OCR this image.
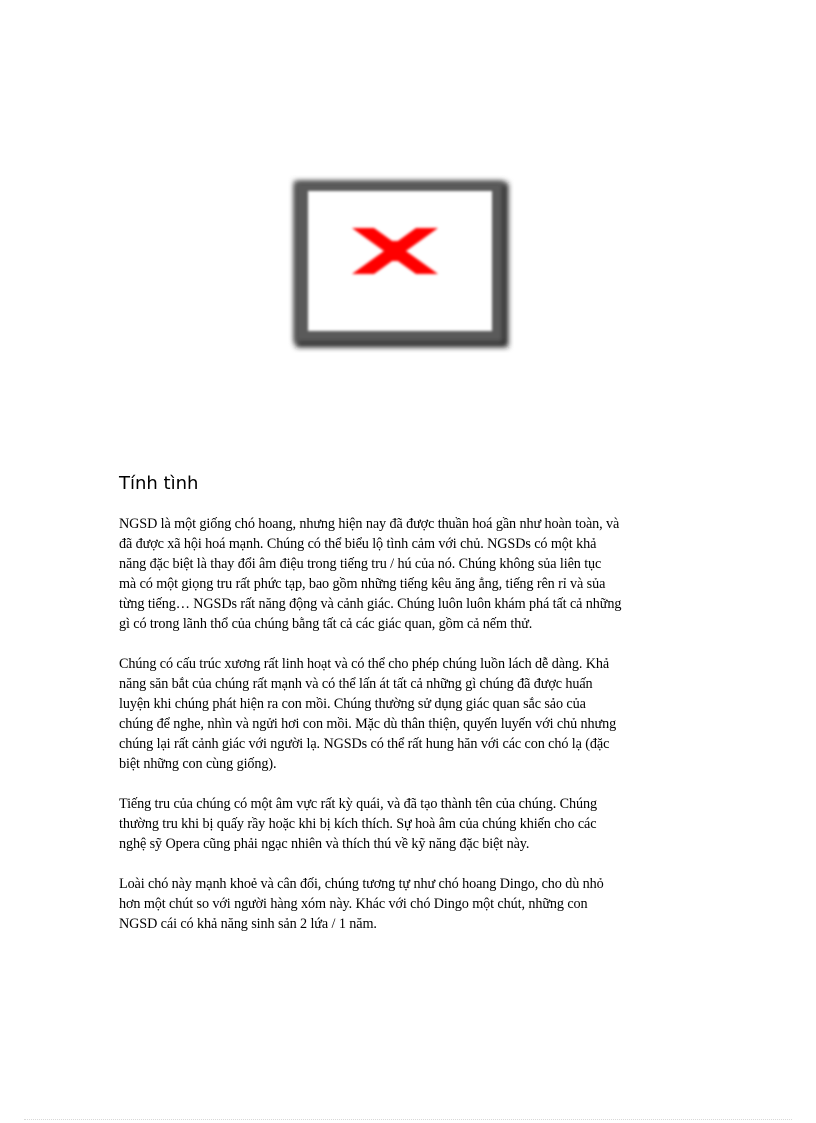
Tính tình

NGSD là một giống chó hoang, nhưng hiện nay đã được thuần hoá gần như hoàn toàn, và
đã được xã hội hoá mạnh. Chúng có thể biểu lộ tình cảm với chủ. NGSDs có một khả
năng đặc biệt là thay đổi âm điệu trong tiếng tru / hú của nó. Chúng không sủa liên tục
mà có một giọng tru rất phức tạp, bao gồm những tiếng kêu ăng ẳng, tiếng rên rỉ và sủa
từng tiếng… NGSDs rất năng động và cảnh giác. Chúng luôn luôn khám phá tất cả những
gì có trong lãnh thổ của chúng bằng tất cả các giác quan, gồm cả nếm thử.

Chúng có cấu trúc xương rất linh hoạt và có thể cho phép chúng luồn lách dễ dàng. Khả
năng săn bắt của chúng rất mạnh và có thể lấn át tất cả những gì chúng đã được huấn
luyện khi chúng phát hiện ra con mồi. Chúng thường sử dụng giác quan sắc sảo của
chúng để nghe, nhìn và ngửi hơi con mồi. Mặc dù thân thiện, quyến luyến với chủ nhưng
chúng lại rất cảnh giác với người lạ. NGSDs có thể rất hung hăn với các con chó lạ (đặc
biệt những con cùng giống).

Tiếng tru của chúng có một âm vực rất kỳ quái, và đã tạo thành tên của chúng. Chúng
thường tru khi bị quấy rầy hoặc khi bị kích thích. Sự hoà âm của chúng khiến cho các
nghệ sỹ Opera cũng phải ngạc nhiên và thích thú về kỹ năng đặc biệt này.

Loài chó này mạnh khoẻ và cân đối, chúng tương tự như chó hoang Dingo, cho dù nhỏ
hơn một chút so với người hàng xóm này. Khác với chó Dingo một chút, những con
NGSD cái có khả năng sinh sản 2 lứa / 1 năm.
